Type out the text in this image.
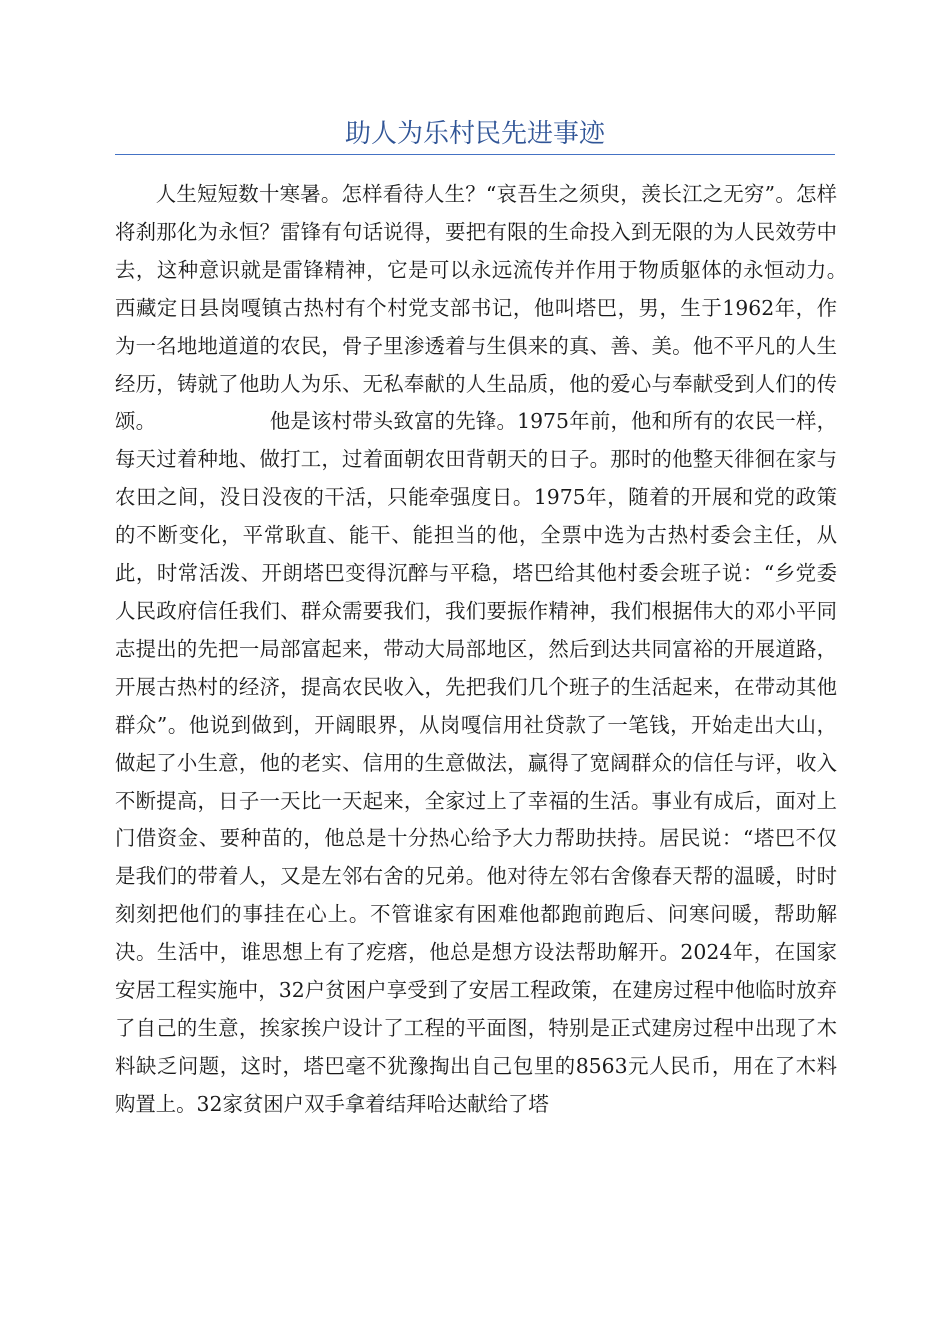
助人为乐村民先进事迹

人生短短数十寒暑。怎样看待人生？“哀吾生之须臾，羡长江之无穷”。怎样将刹那化为永恒？雷锋有句话说得，要把有限的生命投入到无限的为人民效劳中去，这种意识就是雷锋精神，它是可以永远流传并作用于物质躯体的永恒动力。　　　　　西藏定日县岗嘎镇古热村有个村党支部书记，他叫塔巴，男，生于1962年，作为一名地地道道的农民，骨子里渗透着与生俱来的真、善、美。他不平凡的人生经历，铸就了他助人为乐、无私奉献的人生品质，他的爱心与奉献受到人们的传颂。　　　　　　他是该村带头致富的先锋。1975年前，他和所有的农民一样，每天过着种地、做打工，过着面朝农田背朝天的日子。那时的他整天徘徊在家与农田之间，没日没夜的干活，只能牵强度日。1975年，随着的开展和党的政策的不断变化，平常耿直、能干、能担当的他，全票中选为古热村委会主任，从此，时常活泼、开朗塔巴变得沉醉与平稳，塔巴给其他村委会班子说：“乡党委人民政府信任我们、群众需要我们，我们要振作精神，我们根据伟大的邓小平同志提出的先把一局部富起来，带动大局部地区，然后到达共同富裕的开展道路，开展古热村的经济，提高农民收入，先把我们几个班子的生活起来，在带动其他群众”。他说到做到，开阔眼界，从岗嘎信用社贷款了一笔钱，开始走出大山，做起了小生意，他的老实、信用的生意做法，赢得了宽阔群众的信任与评，收入不断提高，日子一天比一天起来，全家过上了幸福的生活。事业有成后，面对上门借资金、要种苗的，他总是十分热心给予大力帮助扶持。居民说：“塔巴不仅是我们的带着人，又是左邻右舍的兄弟。他对待左邻右舍像春天帮的温暖，时时刻刻把他们的事挂在心上。不管谁家有困难他都跑前跑后、问寒问暖，帮助解决。生活中，谁思想上有了疙瘩，他总是想方设法帮助解开。2024年，在国家安居工程实施中，32户贫困户享受到了安居工程政策，在建房过程中他临时放弃了自己的生意，挨家挨户设计了工程的平面图，特别是正式建房过程中出现了木料缺乏问题，这时，塔巴毫不犹豫掏出自己包里的8563元人民币，用在了木料购置上。32家贫困户双手拿着结拜哈达献给了塔
